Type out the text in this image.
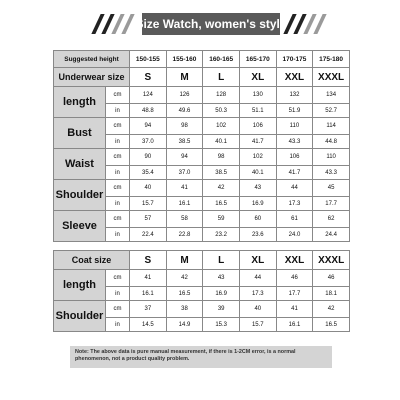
Size Watch, women's style
Suggested height		150-155	155-160	160-165	165-170	170-175	175-180
Underwear size		S	M	L	XL	XXL	XXXL
length	cm	124	126	128	130	132	134
	in	48.8	49.6	50.3	51.1	51.9	52.7
Bust	cm	94	98	102	106	110	114
	in	37.0	38.5	40.1	41.7	43.3	44.8
Waist	cm	90	94	98	102	106	110
	in	35.4	37.0	38.5	40.1	41.7	43.3
Shoulder	cm	40	41	42	43	44	45
	in	15.7	16.1	16.5	16.9	17.3	17.7
Sleeve	cm	57	58	59	60	61	62
	in	22.4	22.8	23.2	23.6	24.0	24.4
Coat size		S	M	L	XL	XXL	XXXL
length	cm	41	42	43	44	46	46
	in	16.1	16.5	16.9	17.3	17.7	18.1
Shoulder	cm	37	38	39	40	41	42
	in	14.5	14.9	15.3	15.7	16.1	16.5
Note: The above data is pure manual measurement, if there is 1-2CM error, is a normal phenomenon, not a product quality problem.
